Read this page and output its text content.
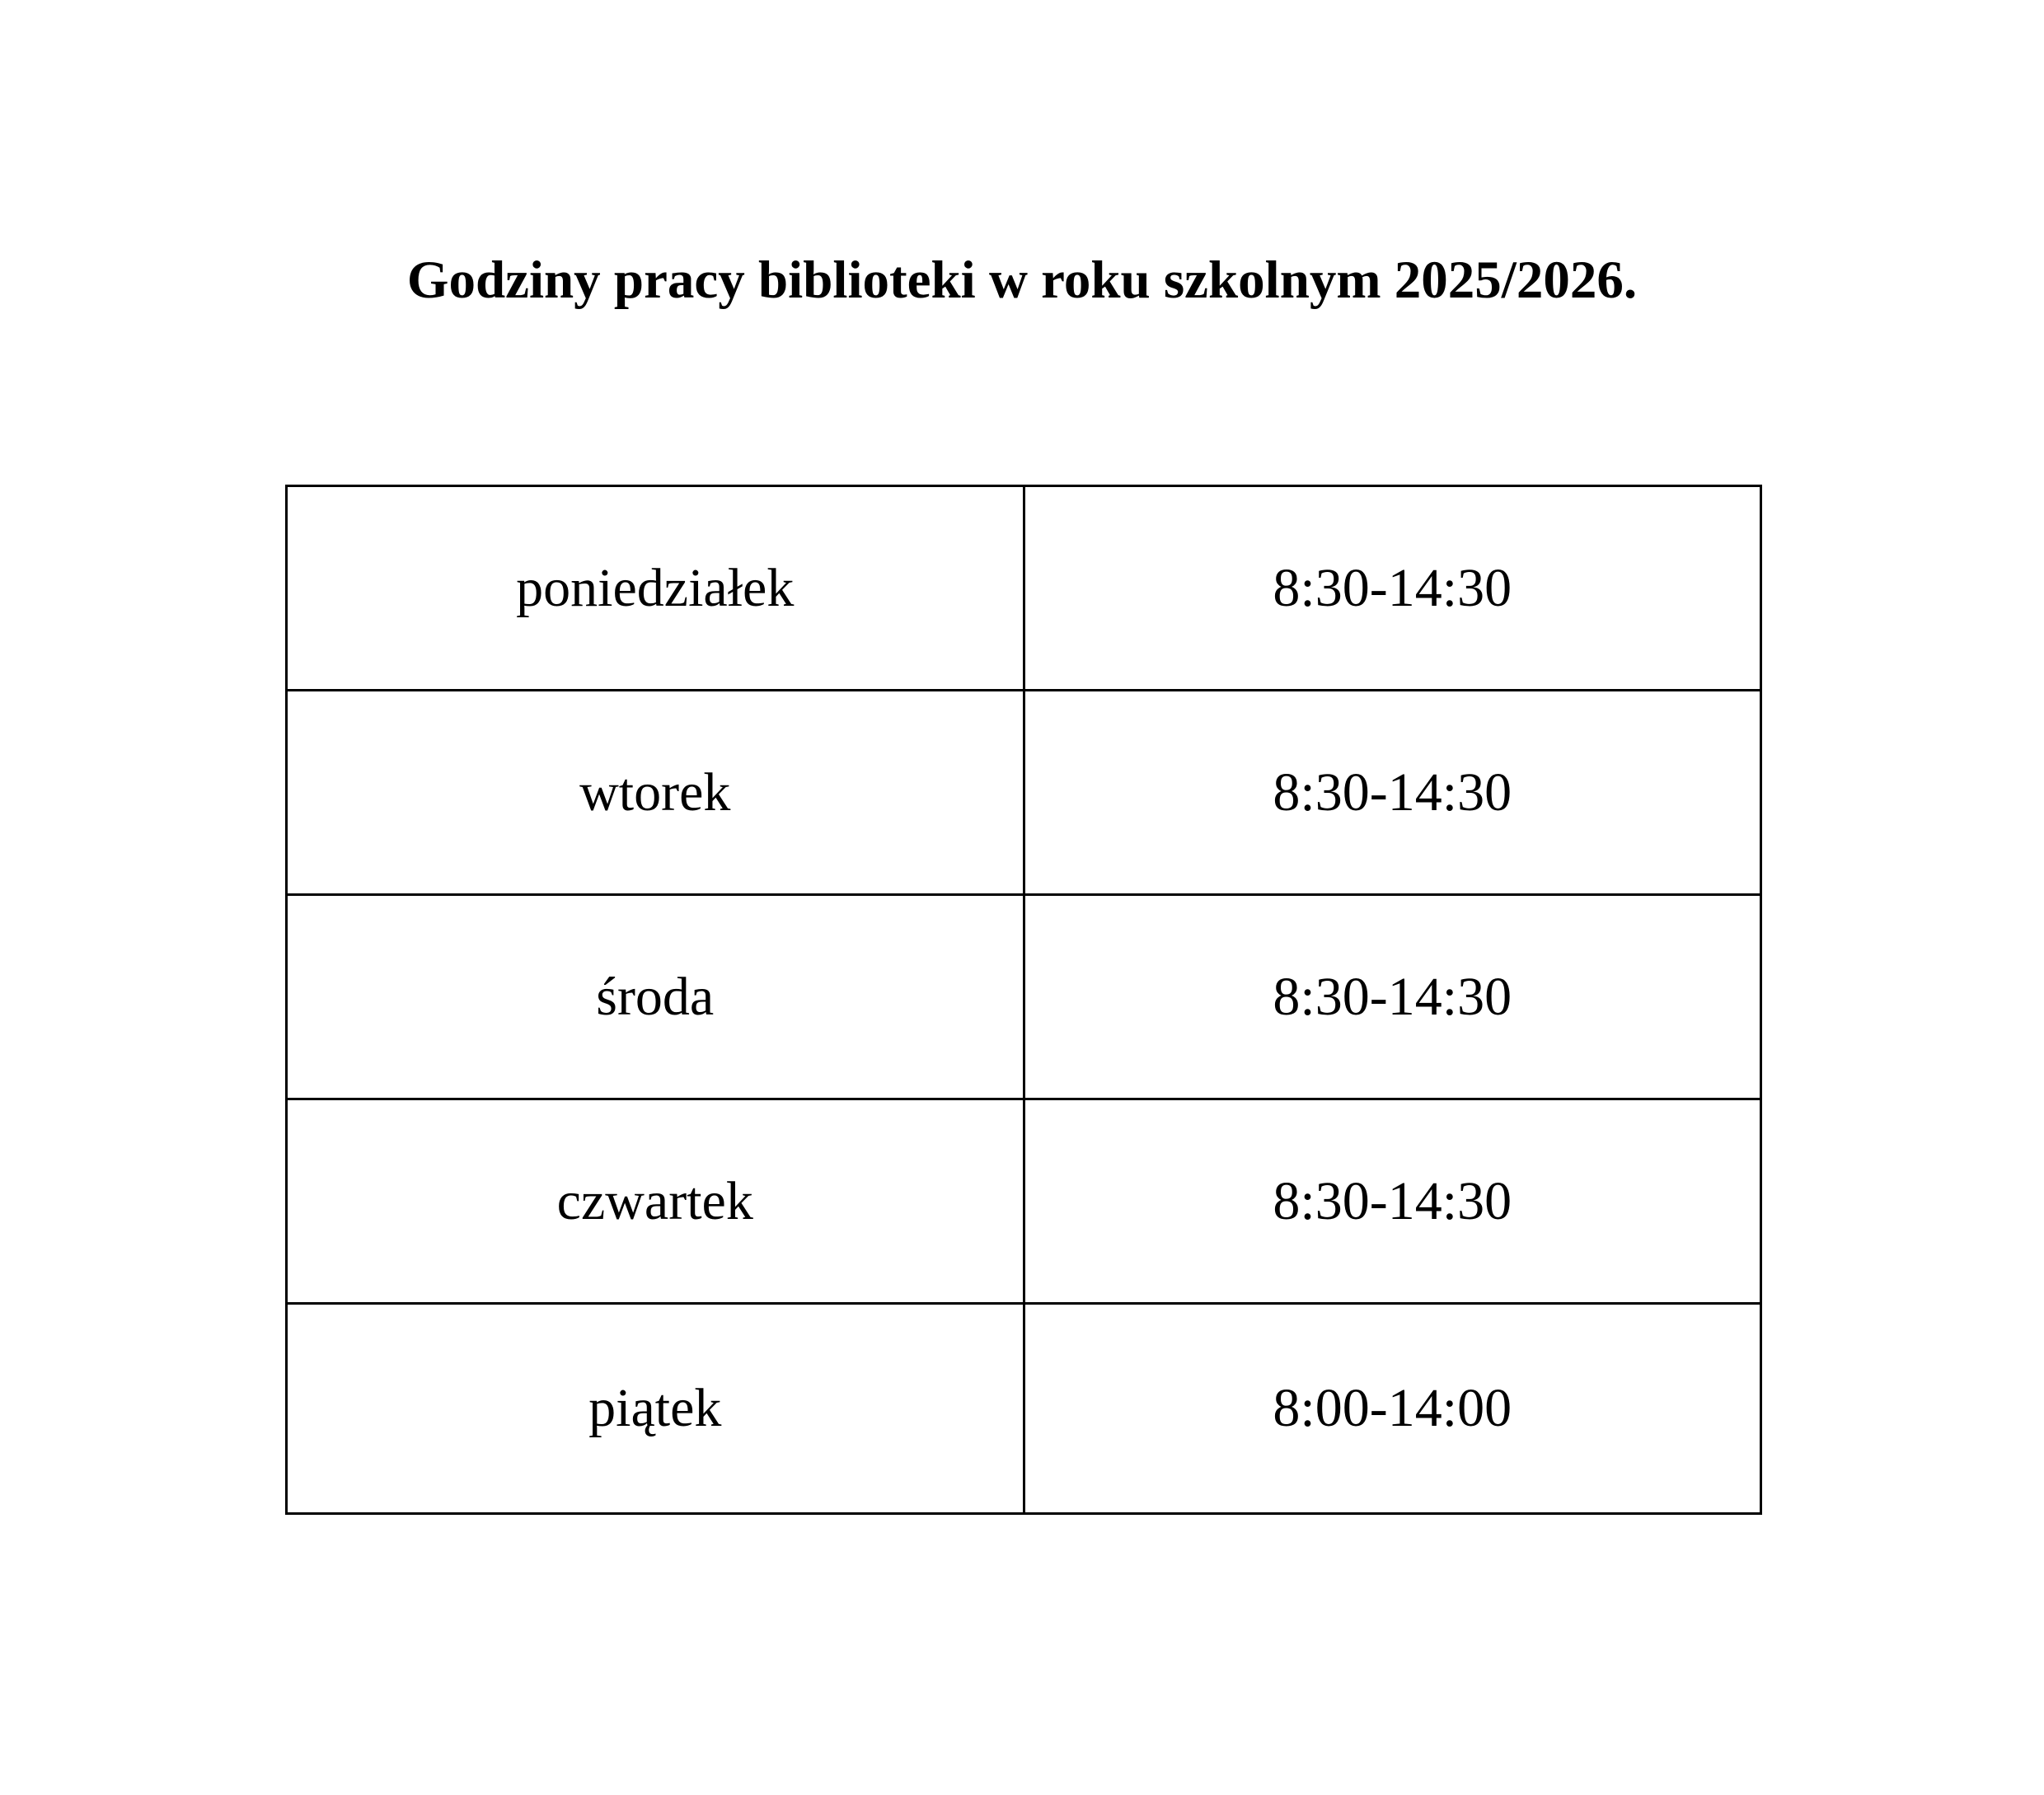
Godziny pracy biblioteki w roku szkolnym 2025/2026.
poniedziałek	8:30-14:30
wtorek	8:30-14:30
środa	8:30-14:30
czwartek	8:30-14:30
piątek	8:00-14:00
